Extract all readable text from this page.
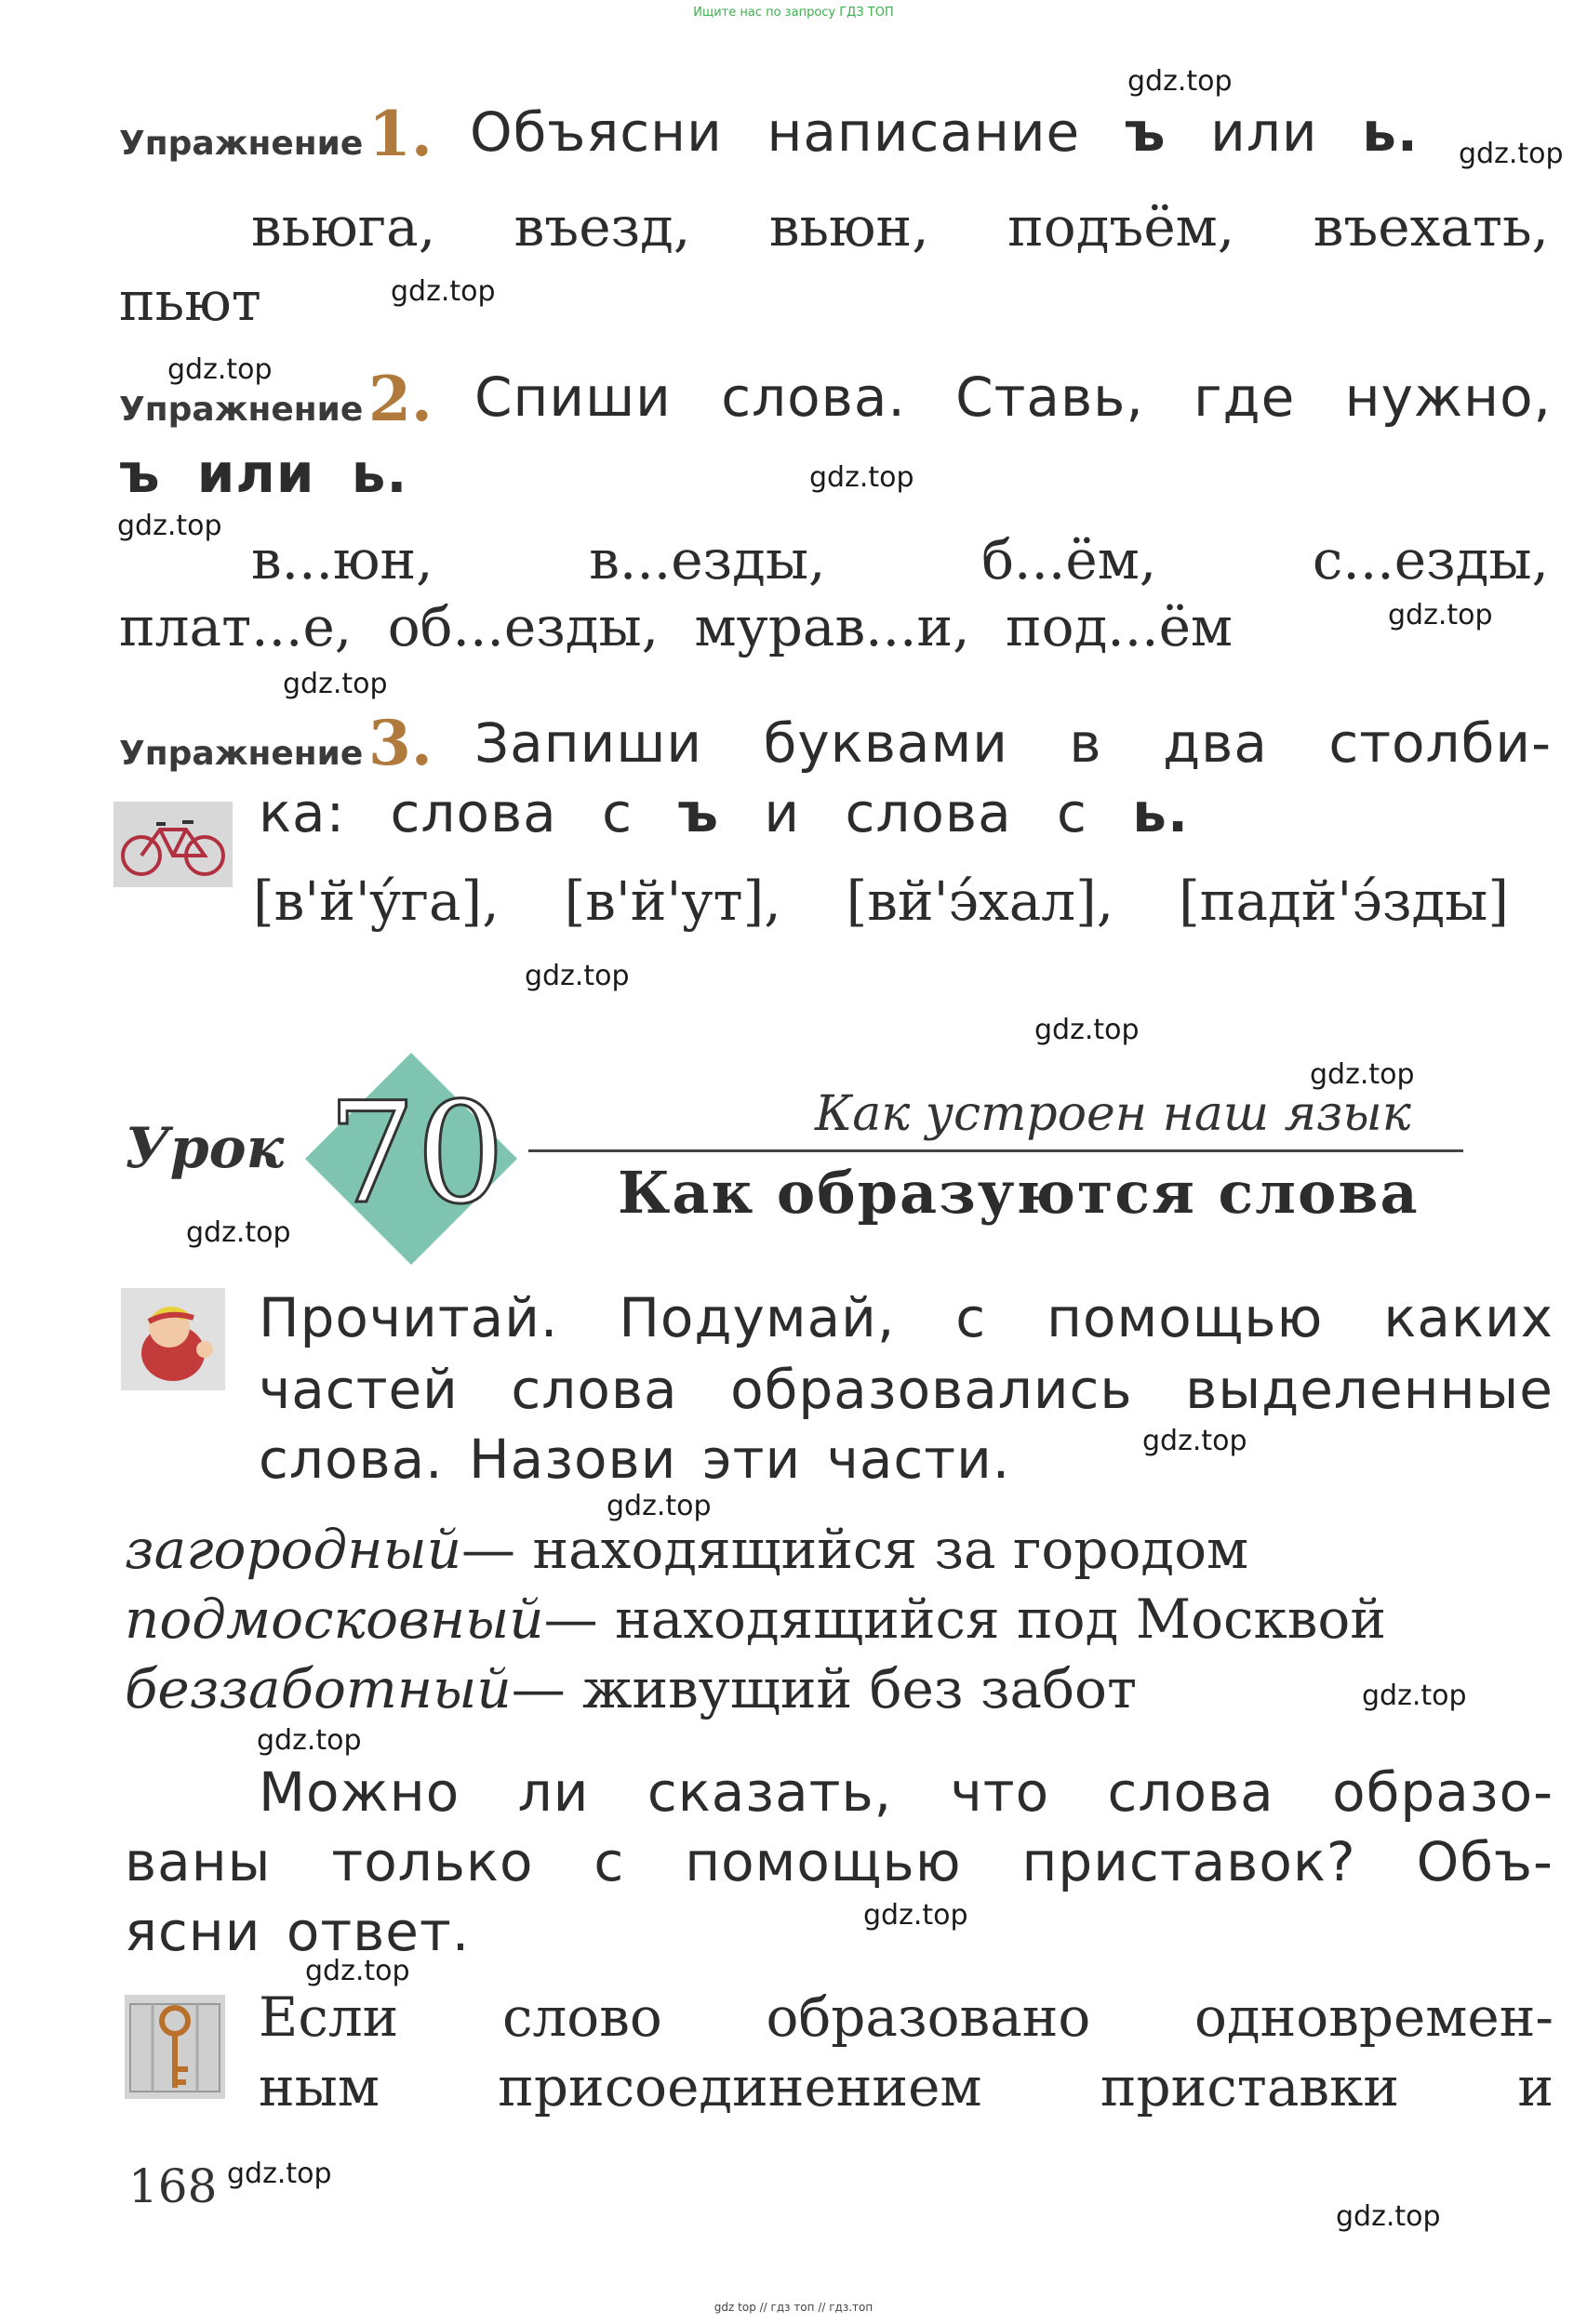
Ищите нас по запросу ГДЗ ТОП
gdz top // гдз топ // гдз.топ
Упражнение 1. Объясни написание ъ или ь.
вьюга, въезд, вьюн, подъём, въехать,
пьют
Упражнение 2. Спиши слова. Ставь, где нужно,
ъ или ь.
в...юн,	в...езды,	б...ём,	с...езды,
плат...е, об...езды, мурав...и, под...ём
Упражнение 3. Запиши буквами в два столби-
ка: слова с ъ и слова с ь.
[в'й'ýга], [в'й'ут], [вй'э́хал], [падй'э́зды]
Урок 70	Как устроен наш язык
Как образуются слова
Прочитай. Подумай, с помощью каких
частей слова образовались выделенные
слова. Назови эти части.
загородный— находящийся за городом
подмосковный— находящийся под Москвой
беззаботный— живущий без забот
Можно ли сказать, что слова образо-
ваны только с помощью приставок? Объ-
ясни ответ.
Если слово образовано одновремен-
ным присоединением приставки и
168
gdz.top
gdz.top
gdz.top
gdz.top
gdz.top
gdz.top
gdz.top
gdz.top
gdz.top
gdz.top
gdz.top
gdz.top
gdz.top
gdz.top
gdz.top
gdz.top
gdz.top
gdz.top
gdz.top
gdz.top
